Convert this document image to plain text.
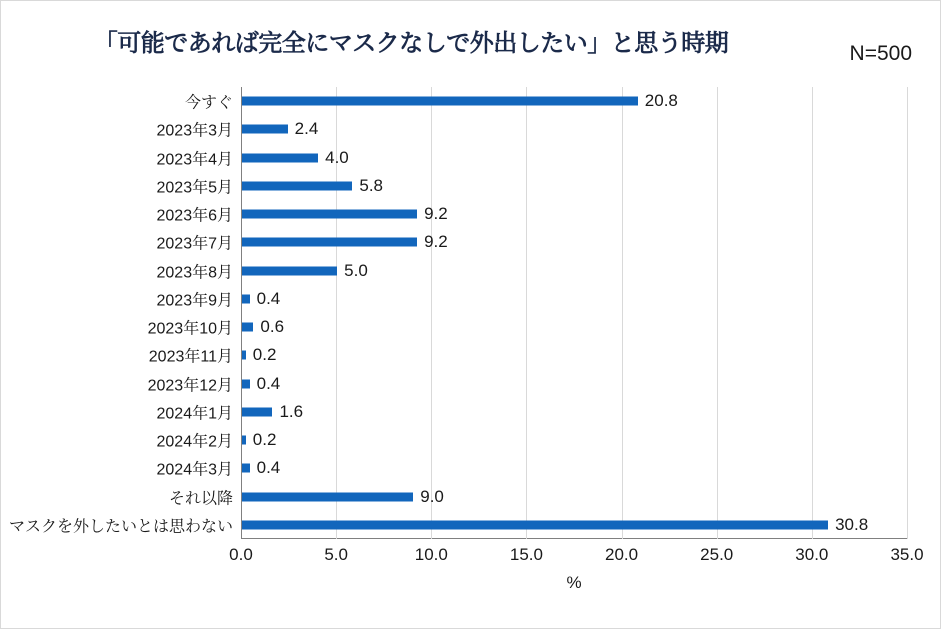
「可能であれば完全にマスクなしで外出したい」と思う時期	N=500
今すぐ	20.8
2023年3月	2.4
2023年4月	4.0
2023年5月	5.8
2023年6月	9.2
2023年7月	9.2
2023年8月	5.0
2023年9月 0.4
2023年10月 0.6
2023年11月 0.2
2023年12月 0.4
2024年1月	1.6
2024年2月 0.2
2024年3月 0.4
それ以降	9.0
マスクを外したいとは思わない	30.8
0.0	5.0	10.0	15.0	20.0	25.0	30.0	35.0
%
